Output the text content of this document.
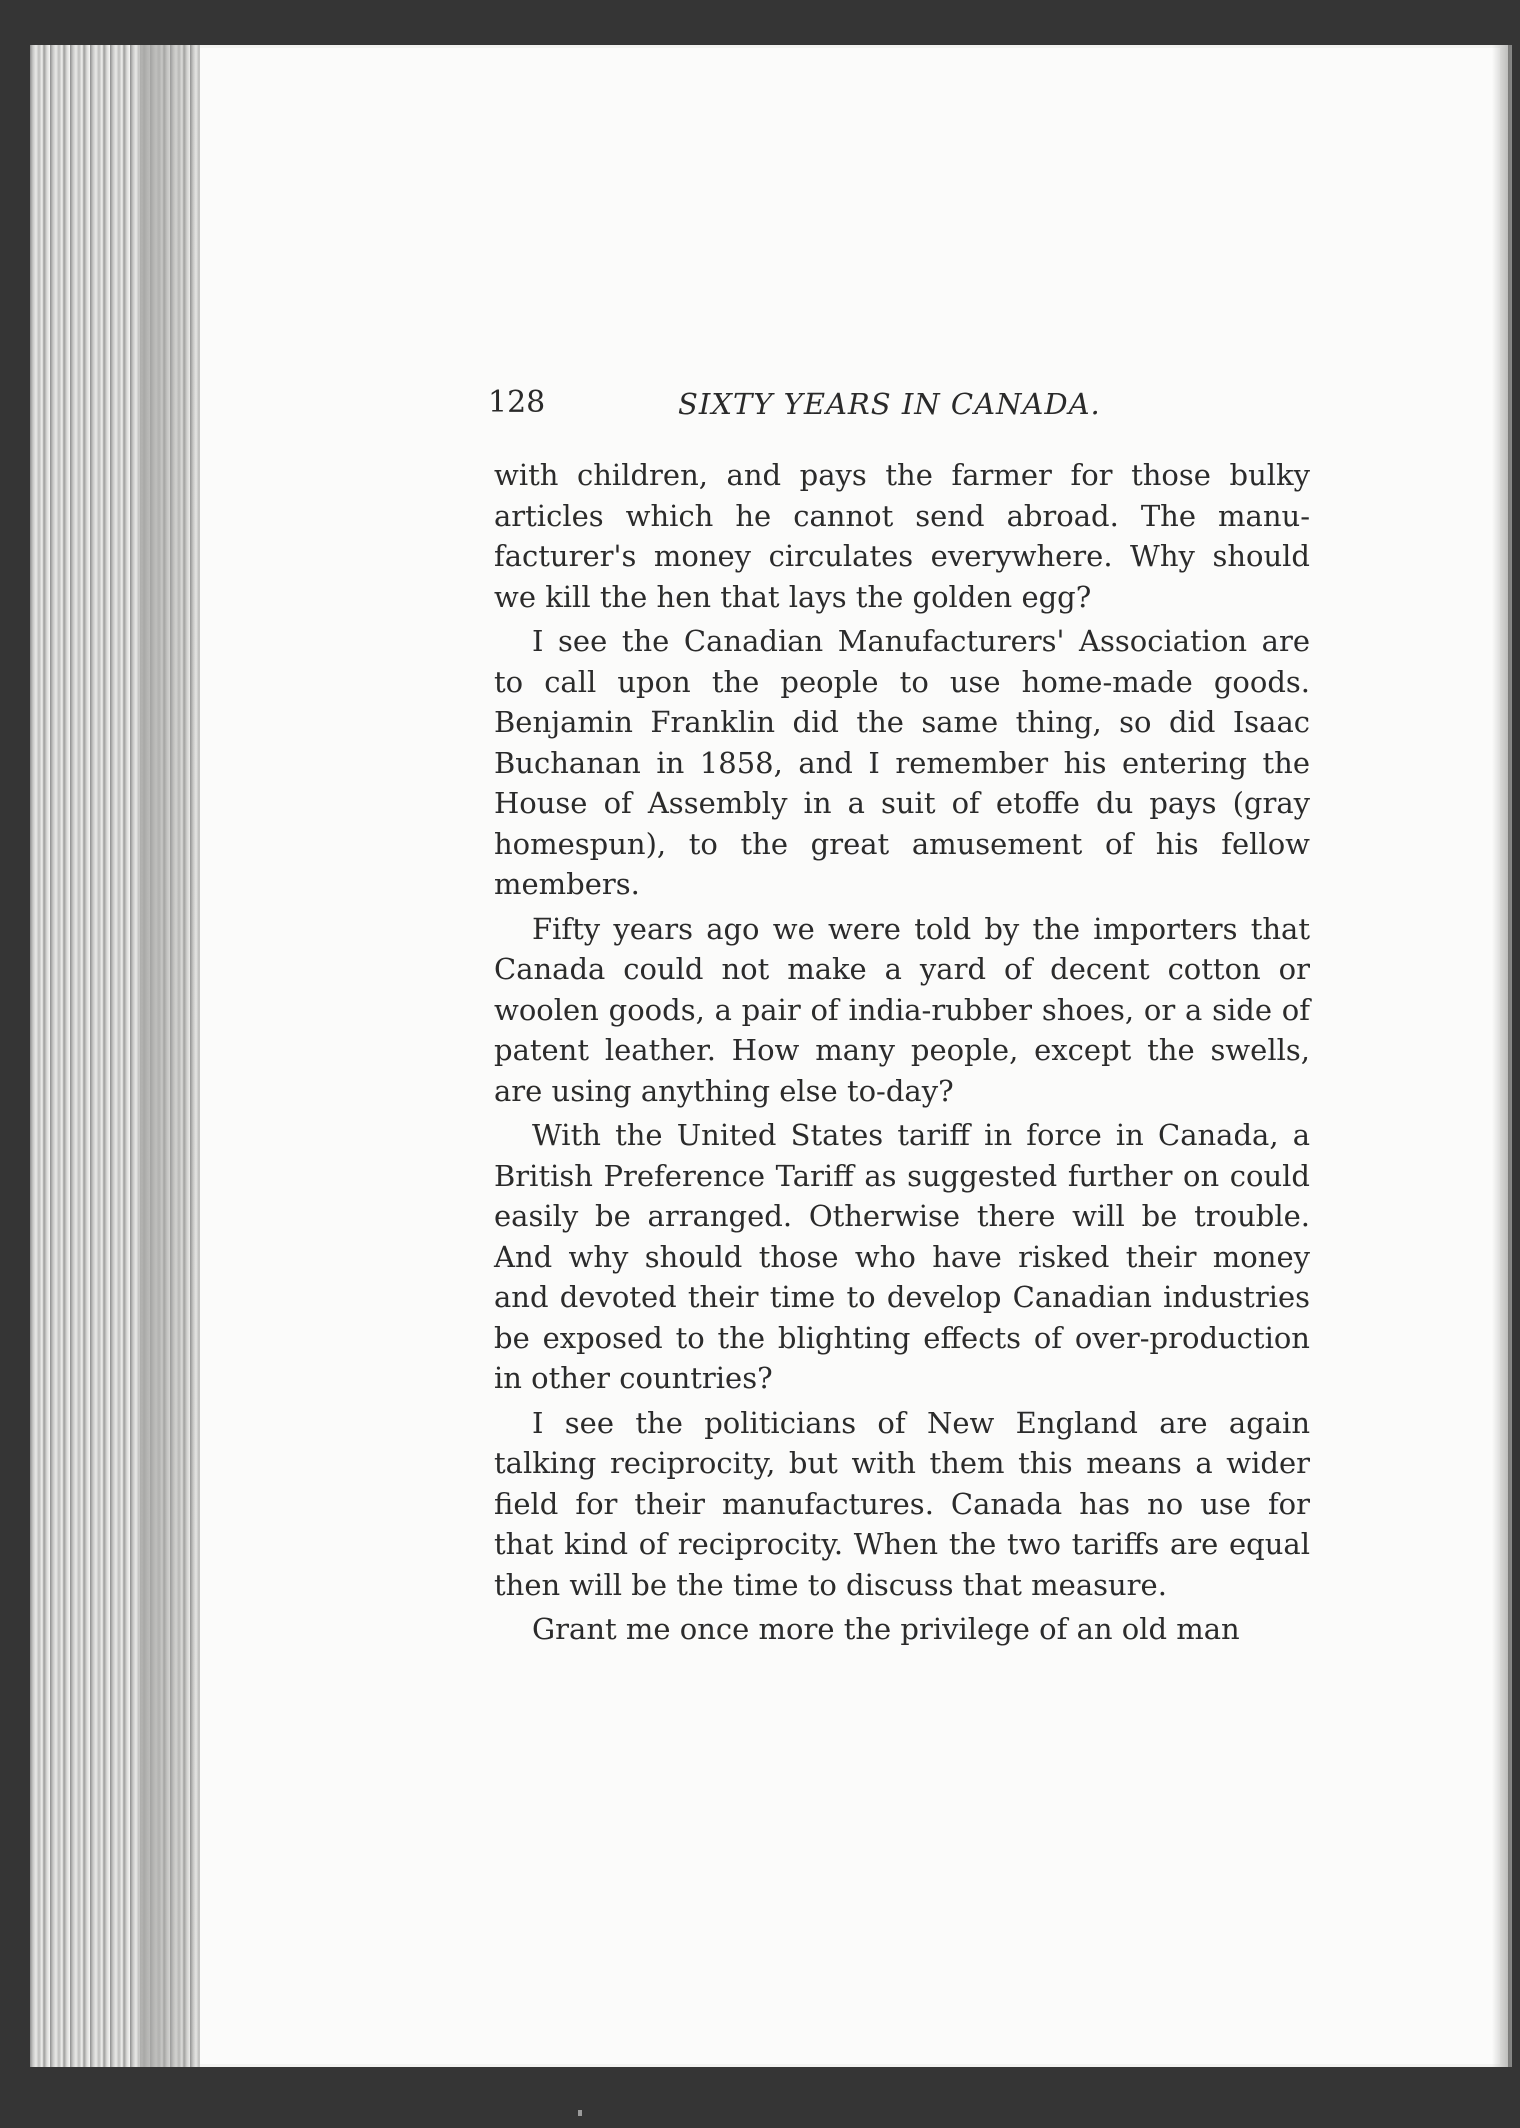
128	SIXTY YEARS IN CANADA.

with children, and pays the farmer for those bulky articles which he cannot send abroad. The manufacturer's money circulates everywhere. Why should we kill the hen that lays the golden egg?

I see the Canadian Manufacturers' Association are to call upon the people to use home-made goods. Benjamin Franklin did the same thing, so did Isaac Buchanan in 1858, and I remember his entering the House of Assembly in a suit of etoffe du pays (gray homespun), to the great amusement of his fellow members.

Fifty years ago we were told by the importers that Canada could not make a yard of decent cotton or woolen goods, a pair of india-rubber shoes, or a side of patent leather. How many people, except the swells, are using anything else to-day?

With the United States tariff in force in Canada, a British Preference Tariff as suggested further on could easily be arranged. Otherwise there will be trouble. And why should those who have risked their money and devoted their time to develop Canadian industries be exposed to the blighting effects of over-production in other countries?

I see the politicians of New England are again talking reciprocity, but with them this means a wider field for their manufactures. Canada has no use for that kind of reciprocity. When the two tariffs are equal then will be the time to discuss that measure.

Grant me once more the privilege of an old man
